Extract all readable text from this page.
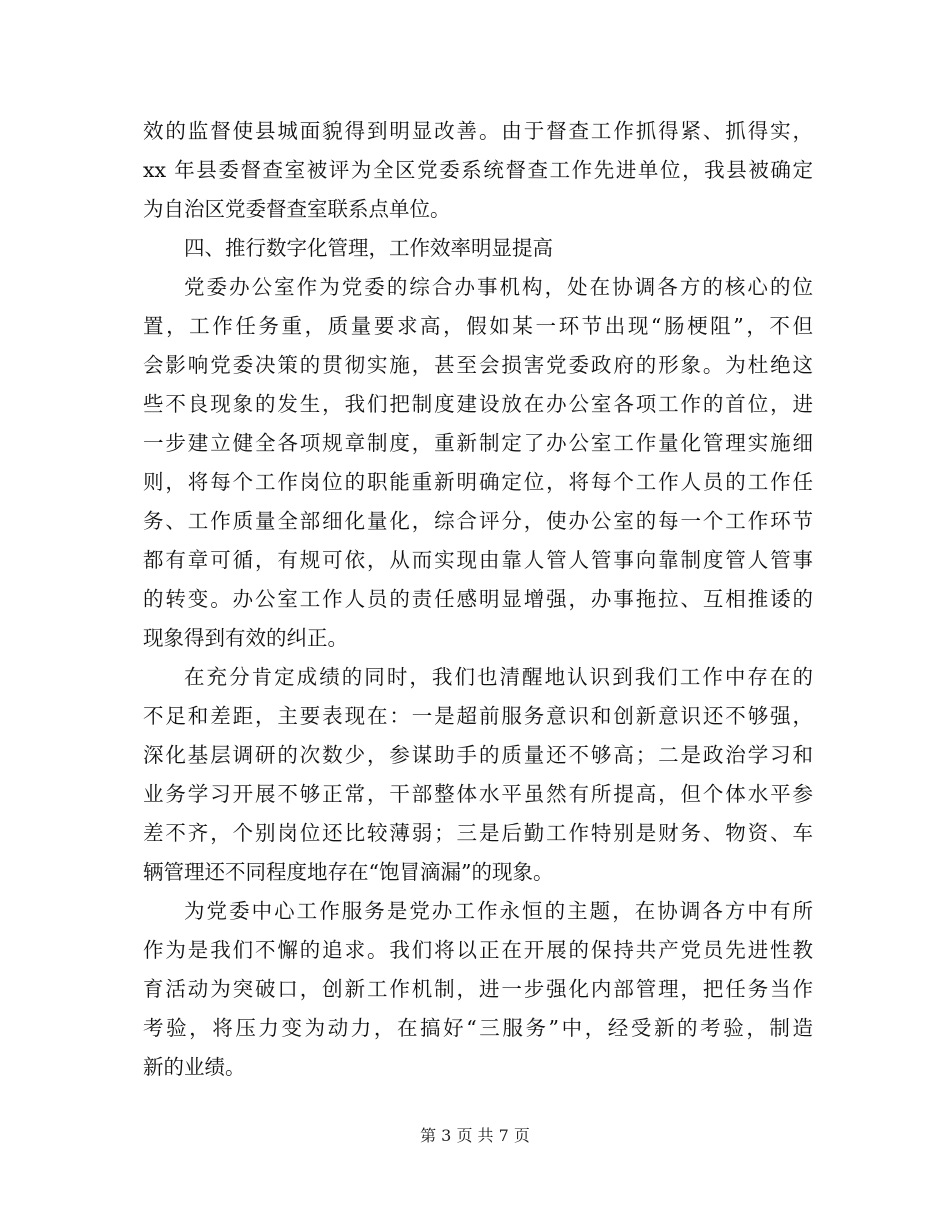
效的监督使县城面貌得到明显改善。由于督查工作抓得紧、抓得实，
xx 年县委督查室被评为全区党委系统督查工作先进单位，我县被确定
为自治区党委督查室联系点单位。
四、推行数字化管理，工作效率明显提高
党委办公室作为党委的综合办事机构，处在协调各方的核心的位
置，工作任务重，质量要求高，假如某一环节出现“肠梗阻”，不但
会影响党委决策的贯彻实施，甚至会损害党委政府的形象。为杜绝这
些不良现象的发生，我们把制度建设放在办公室各项工作的首位，进
一步建立健全各项规章制度，重新制定了办公室工作量化管理实施细
则，将每个工作岗位的职能重新明确定位，将每个工作人员的工作任
务、工作质量全部细化量化，综合评分，使办公室的每一个工作环节
都有章可循，有规可依，从而实现由靠人管人管事向靠制度管人管事
的转变。办公室工作人员的责任感明显增强，办事拖拉、互相推诿的
现象得到有效的纠正。
在充分肯定成绩的同时，我们也清醒地认识到我们工作中存在的
不足和差距，主要表现在：一是超前服务意识和创新意识还不够强，
深化基层调研的次数少，参谋助手的质量还不够高；二是政治学习和
业务学习开展不够正常，干部整体水平虽然有所提高，但个体水平参
差不齐，个别岗位还比较薄弱；三是后勤工作特别是财务、物资、车
辆管理还不同程度地存在“饱冒滴漏”的现象。
为党委中心工作服务是党办工作永恒的主题，在协调各方中有所
作为是我们不懈的追求。我们将以正在开展的保持共产党员先进性教
育活动为突破口，创新工作机制，进一步强化内部管理，把任务当作
考验，将压力变为动力，在搞好“三服务”中，经受新的考验，制造
新的业绩。
第 3 页 共 7 页
